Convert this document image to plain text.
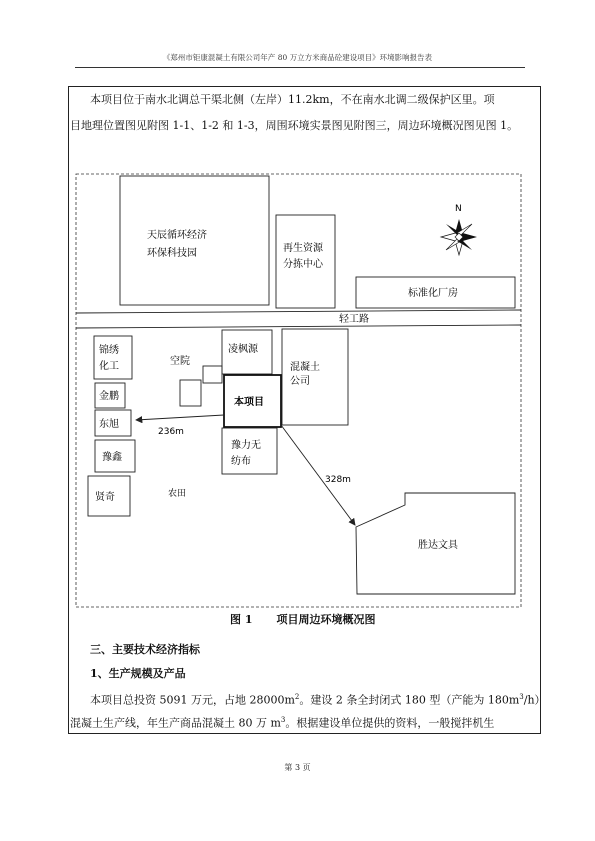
《郑州市钜康混凝土有限公司年产 80 万立方米商品砼建设项目》环境影响报告表
本项目位于南水北调总干渠北侧（左岸）11.2km，不在南水北调二级保护区里。项
目地理位置图见附图 1-1、1-2 和 1-3，周围环境实景图见附图三，周边环境概况图见图 1。
天辰循环经济
环保科技园	再生资源
分拣中心
标准化厂房
N
轻工路
锦绣
化工
金鹏
东旭
豫鑫
贤奇
空院
凌枫源
本项目
豫力无
纺布
混凝土
公司
农田
胜达文具
236m
328m
图 1 项目周边环境概况图
三、主要技术经济指标
1、生产规模及产品
本项目总投资 5091 万元，占地 $28000m^2$。建设 2 条全封闭式 180 型（产能为 $180m^3/h$）
混凝土生产线，年生产商品混凝土 80 万 $m^3$。根据建设单位提供的资料，一般搅拌机生
第 3 页
